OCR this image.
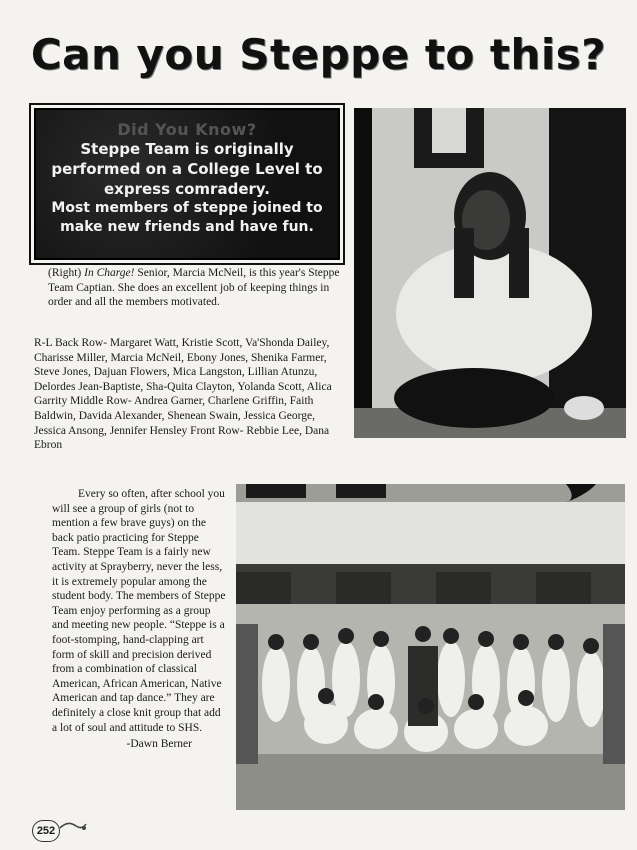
Can you Steppe to this?
Did You Know?
Steppe Team is originally
performed on a College Level to
express comradery.
Most members of steppe joined to
make new friends and have fun.
(Right) In Charge! Senior, Marcia McNeil, is this year's Steppe Team Captian. She does an excellent job of keeping things in order and all the members motivated.
R-L Back Row- Margaret Watt, Kristie Scott, Va'Shonda Dailey, Charisse Miller, Marcia McNeil, Ebony Jones, Shenika Farmer, Steve Jones, Dajuan Flowers, Mica Langston, Lillian Atunzu, Delordes Jean-Baptiste, Sha-Quita Clayton, Yolanda Scott, Alica Garrity Middle Row- Andrea Garner, Charlene Griffin, Faith Baldwin, Davida Alexander, Shenean Swain, Jessica George, Jessica Ansong, Jennifer Hensley Front Row- Rebbie Lee, Dana Ebron

Every so often, after school you will see a group of girls (not to mention a few brave guys) on the back patio practicing for Steppe Team. Steppe Team is a fairly new activity at Sprayberry, never the less, it is extremely popular among the student body. The members of Steppe Team enjoy performing as a group and meeting new people. “Steppe is a foot-stomping, hand-clapping art form of skill and precision derived from a combination of classical American, African American, Native American and tap dance.” They are definitely a close knit group that add a lot of soul and attitude to SHS.

-Dawn Berner

252
